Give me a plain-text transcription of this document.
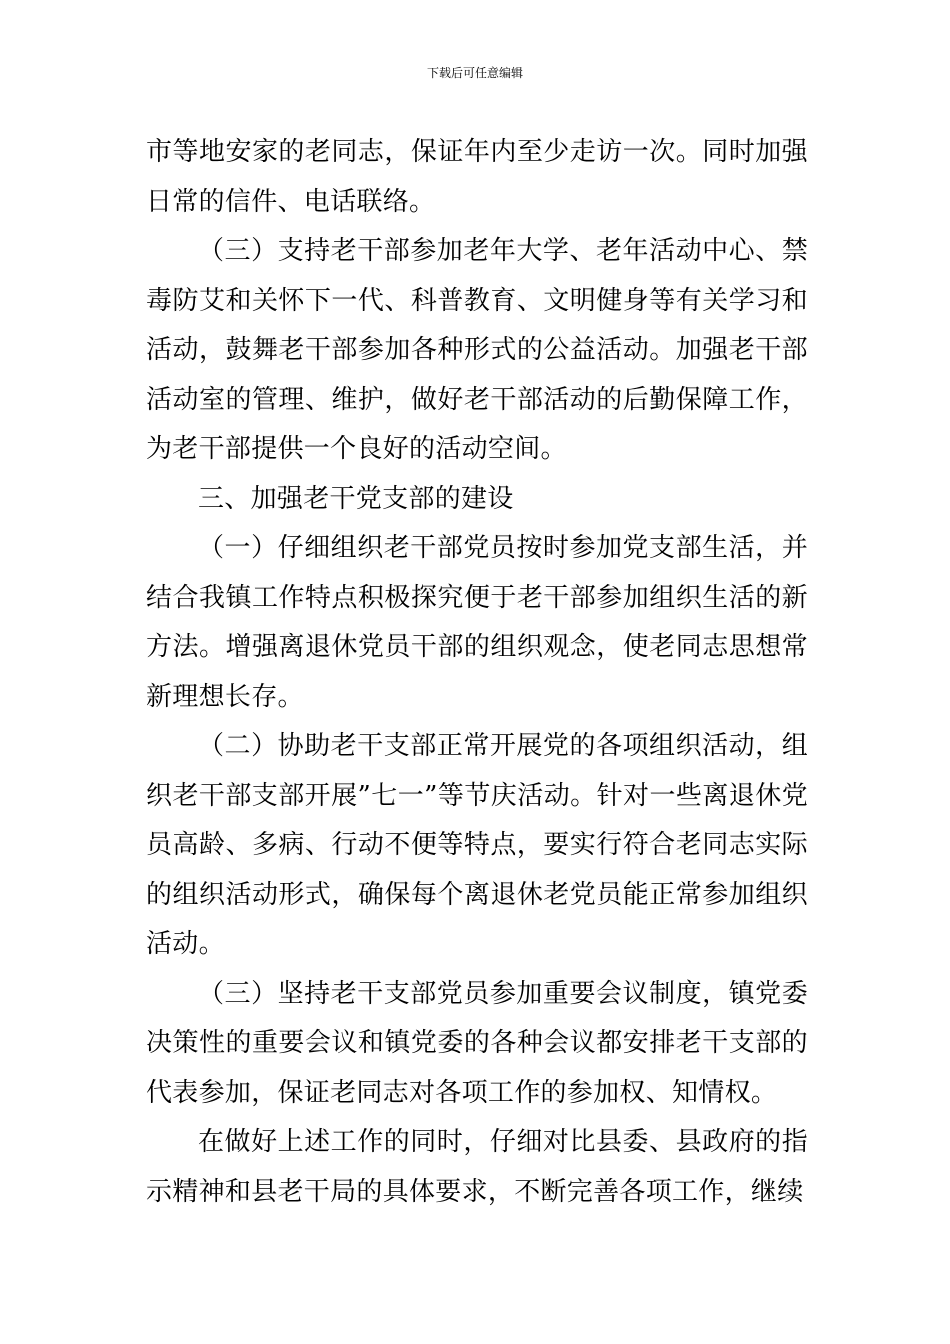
下载后可任意编辑

市等地安家的老同志，保证年内至少走访一次。同时加强日常的信件、电话联络。

（三）支持老干部参加老年大学、老年活动中心、禁毒防艾和关怀下一代、科普教育、文明健身等有关学习和活动，鼓舞老干部参加各种形式的公益活动。加强老干部活动室的管理、维护，做好老干部活动的后勤保障工作，为老干部提供一个良好的活动空间。

三、加强老干党支部的建设

（一）仔细组织老干部党员按时参加党支部生活，并结合我镇工作特点积极探究便于老干部参加组织生活的新方法。增强离退休党员干部的组织观念，使老同志思想常新理想长存。

（二）协助老干支部正常开展党的各项组织活动，组织老干部支部开展”七一”等节庆活动。针对一些离退休党员高龄、多病、行动不便等特点，要实行符合老同志实际的组织活动形式，确保每个离退休老党员能正常参加组织活动。

（三）坚持老干支部党员参加重要会议制度，镇党委决策性的重要会议和镇党委的各种会议都安排老干支部的代表参加，保证老同志对各项工作的参加权、知情权。

在做好上述工作的同时，仔细对比县委、县政府的指示精神和县老干局的具体要求，不断完善各项工作，继续
